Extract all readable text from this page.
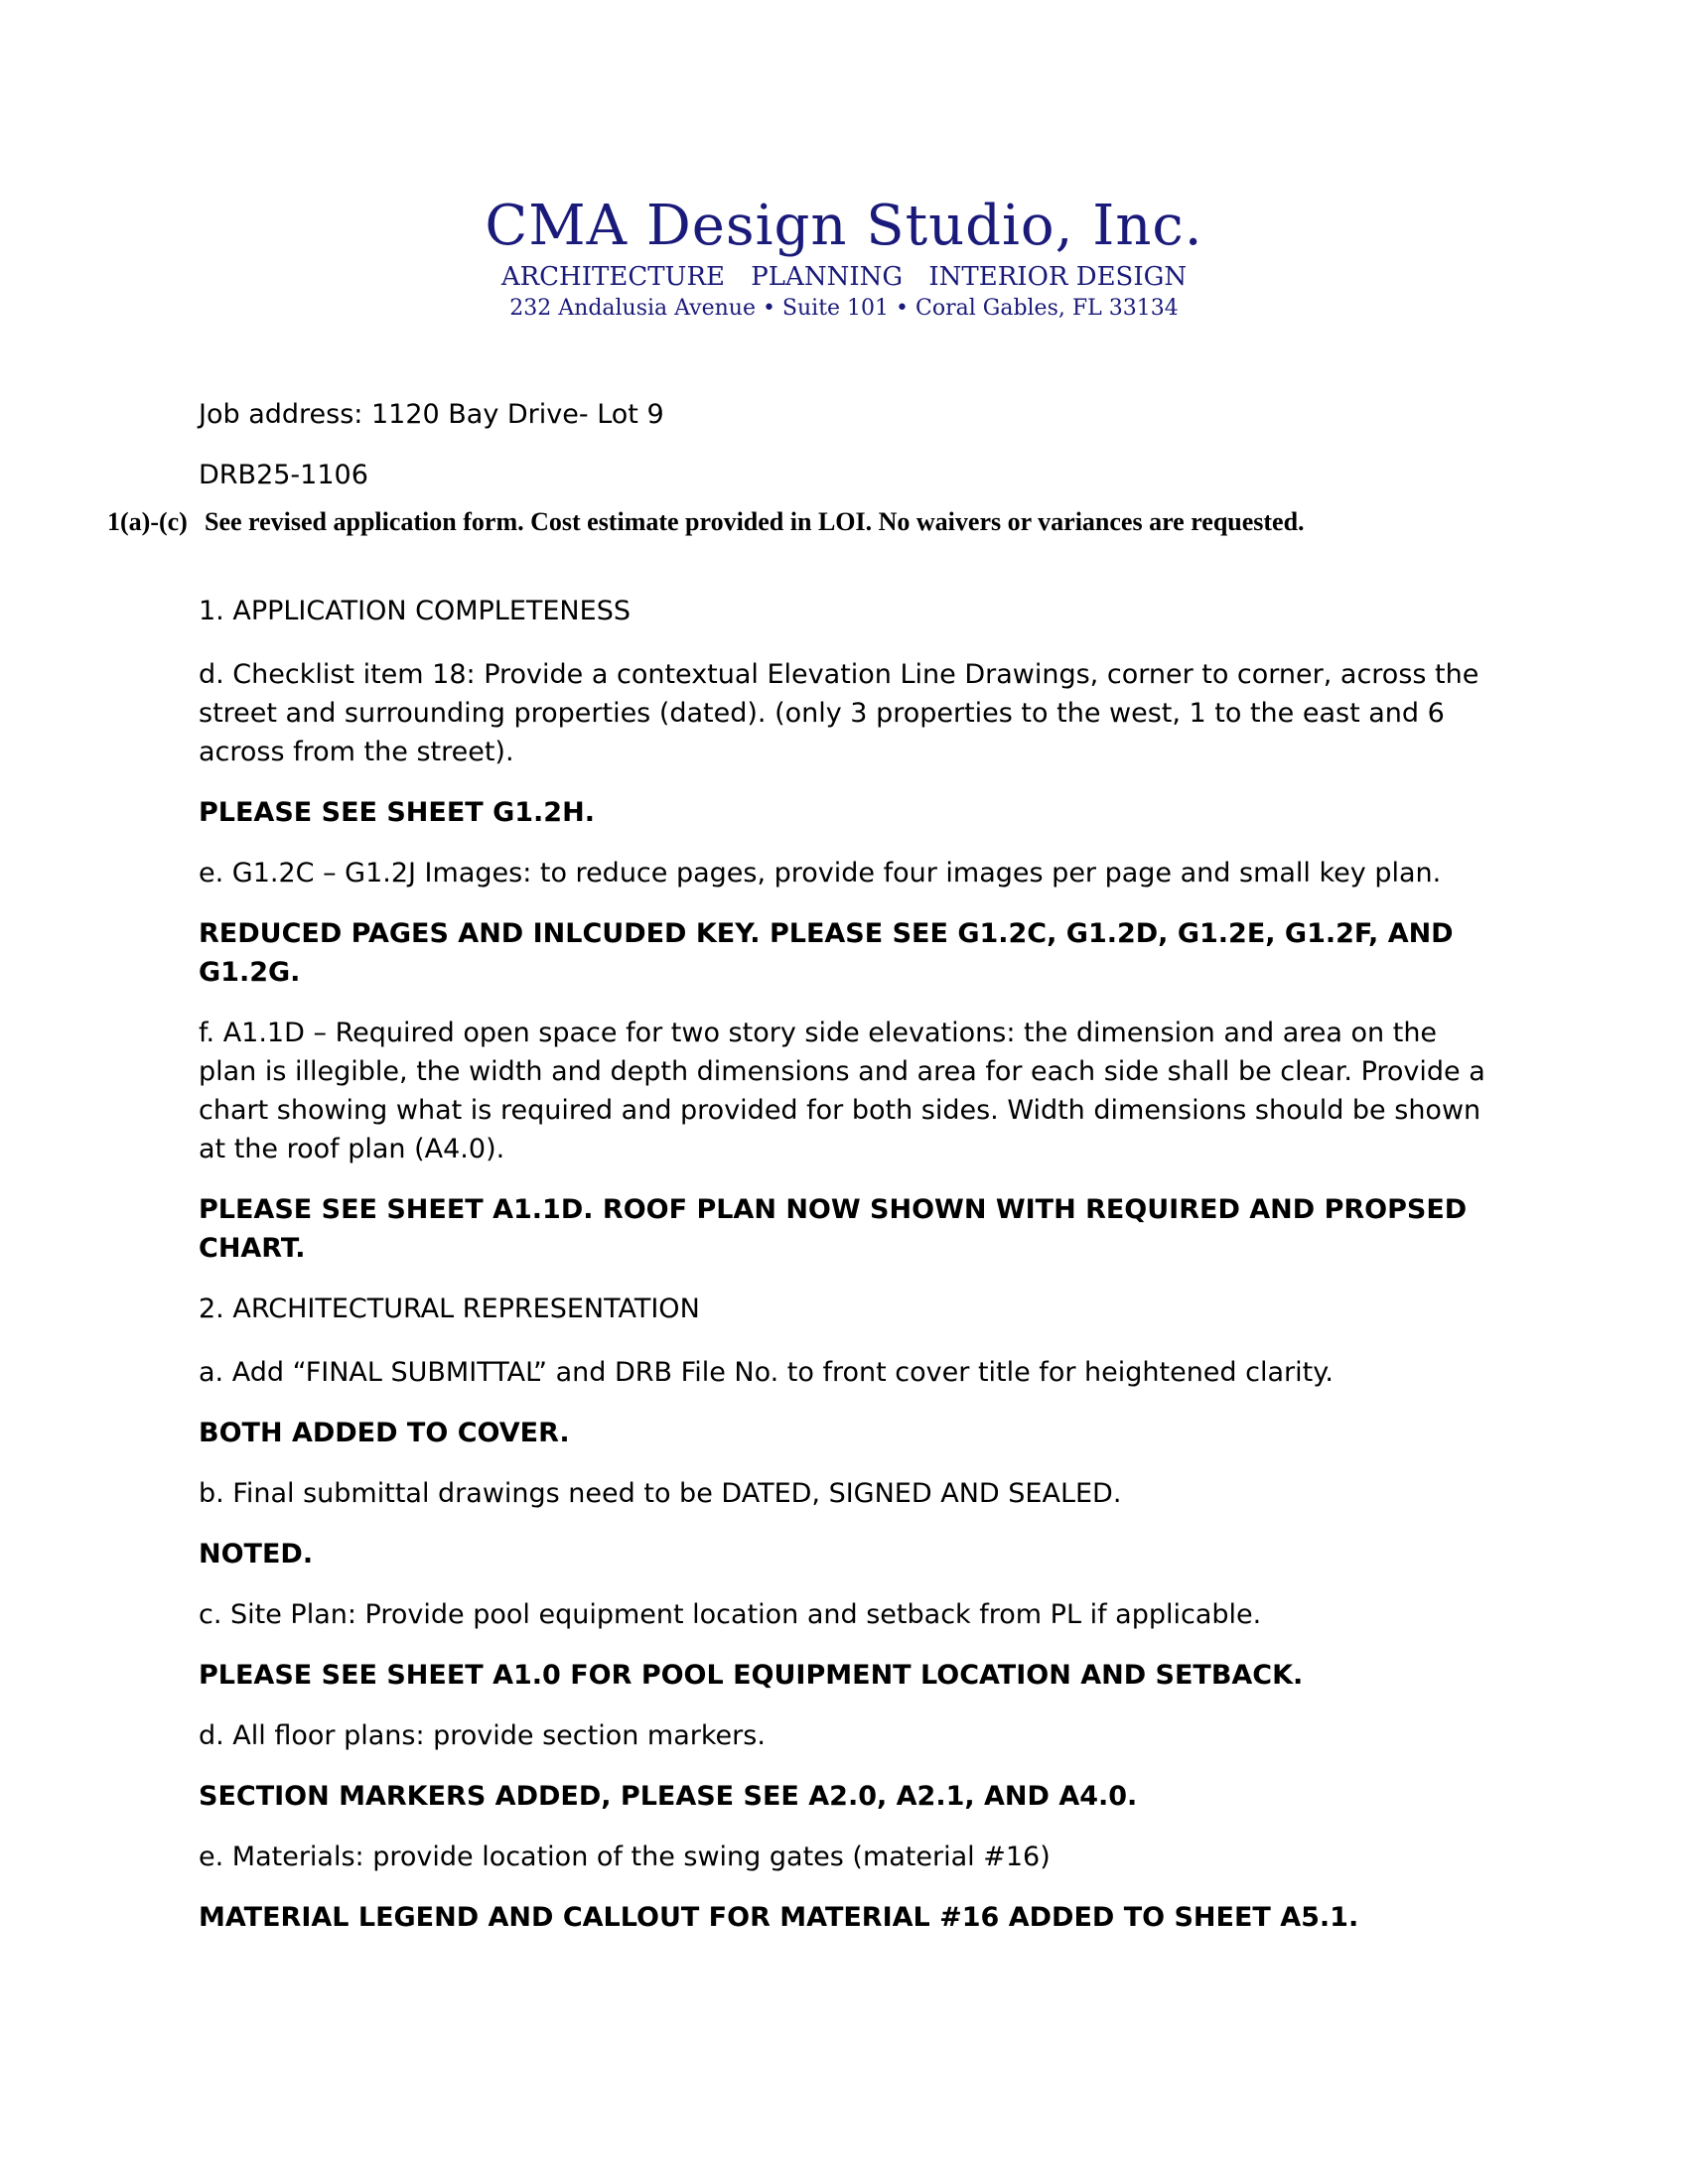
CMA Design Studio, Inc.
ARCHITECTURE PLANNING INTERIOR DESIGN
232 Andalusia Avenue • Suite 101 • Coral Gables, FL 33134
Job address: 1120 Bay Drive- Lot 9
DRB25-1106
1(a)-(c) See revised application form. Cost estimate provided in LOI. No waivers or variances are requested.
1. APPLICATION COMPLETENESS
d. Checklist item 18: Provide a contextual Elevation Line Drawings, corner to corner, across the street and surrounding properties (dated). (only 3 properties to the west, 1 to the east and 6 across from the street).
PLEASE SEE SHEET G1.2H.
e. G1.2C – G1.2J Images: to reduce pages, provide four images per page and small key plan.
REDUCED PAGES AND INLCUDED KEY. PLEASE SEE G1.2C, G1.2D, G1.2E, G1.2F, AND G1.2G.
f. A1.1D – Required open space for two story side elevations: the dimension and area on the plan is illegible, the width and depth dimensions and area for each side shall be clear. Provide a chart showing what is required and provided for both sides. Width dimensions should be shown at the roof plan (A4.0).
PLEASE SEE SHEET A1.1D. ROOF PLAN NOW SHOWN WITH REQUIRED AND PROPSED CHART.
2. ARCHITECTURAL REPRESENTATION
a. Add “FINAL SUBMITTAL” and DRB File No. to front cover title for heightened clarity.
BOTH ADDED TO COVER.
b. Final submittal drawings need to be DATED, SIGNED AND SEALED.
NOTED.
c. Site Plan: Provide pool equipment location and setback from PL if applicable.
PLEASE SEE SHEET A1.0 FOR POOL EQUIPMENT LOCATION AND SETBACK.
d. All floor plans: provide section markers.
SECTION MARKERS ADDED, PLEASE SEE A2.0, A2.1, AND A4.0.
e. Materials: provide location of the swing gates (material #16)
MATERIAL LEGEND AND CALLOUT FOR MATERIAL #16 ADDED TO SHEET A5.1.
